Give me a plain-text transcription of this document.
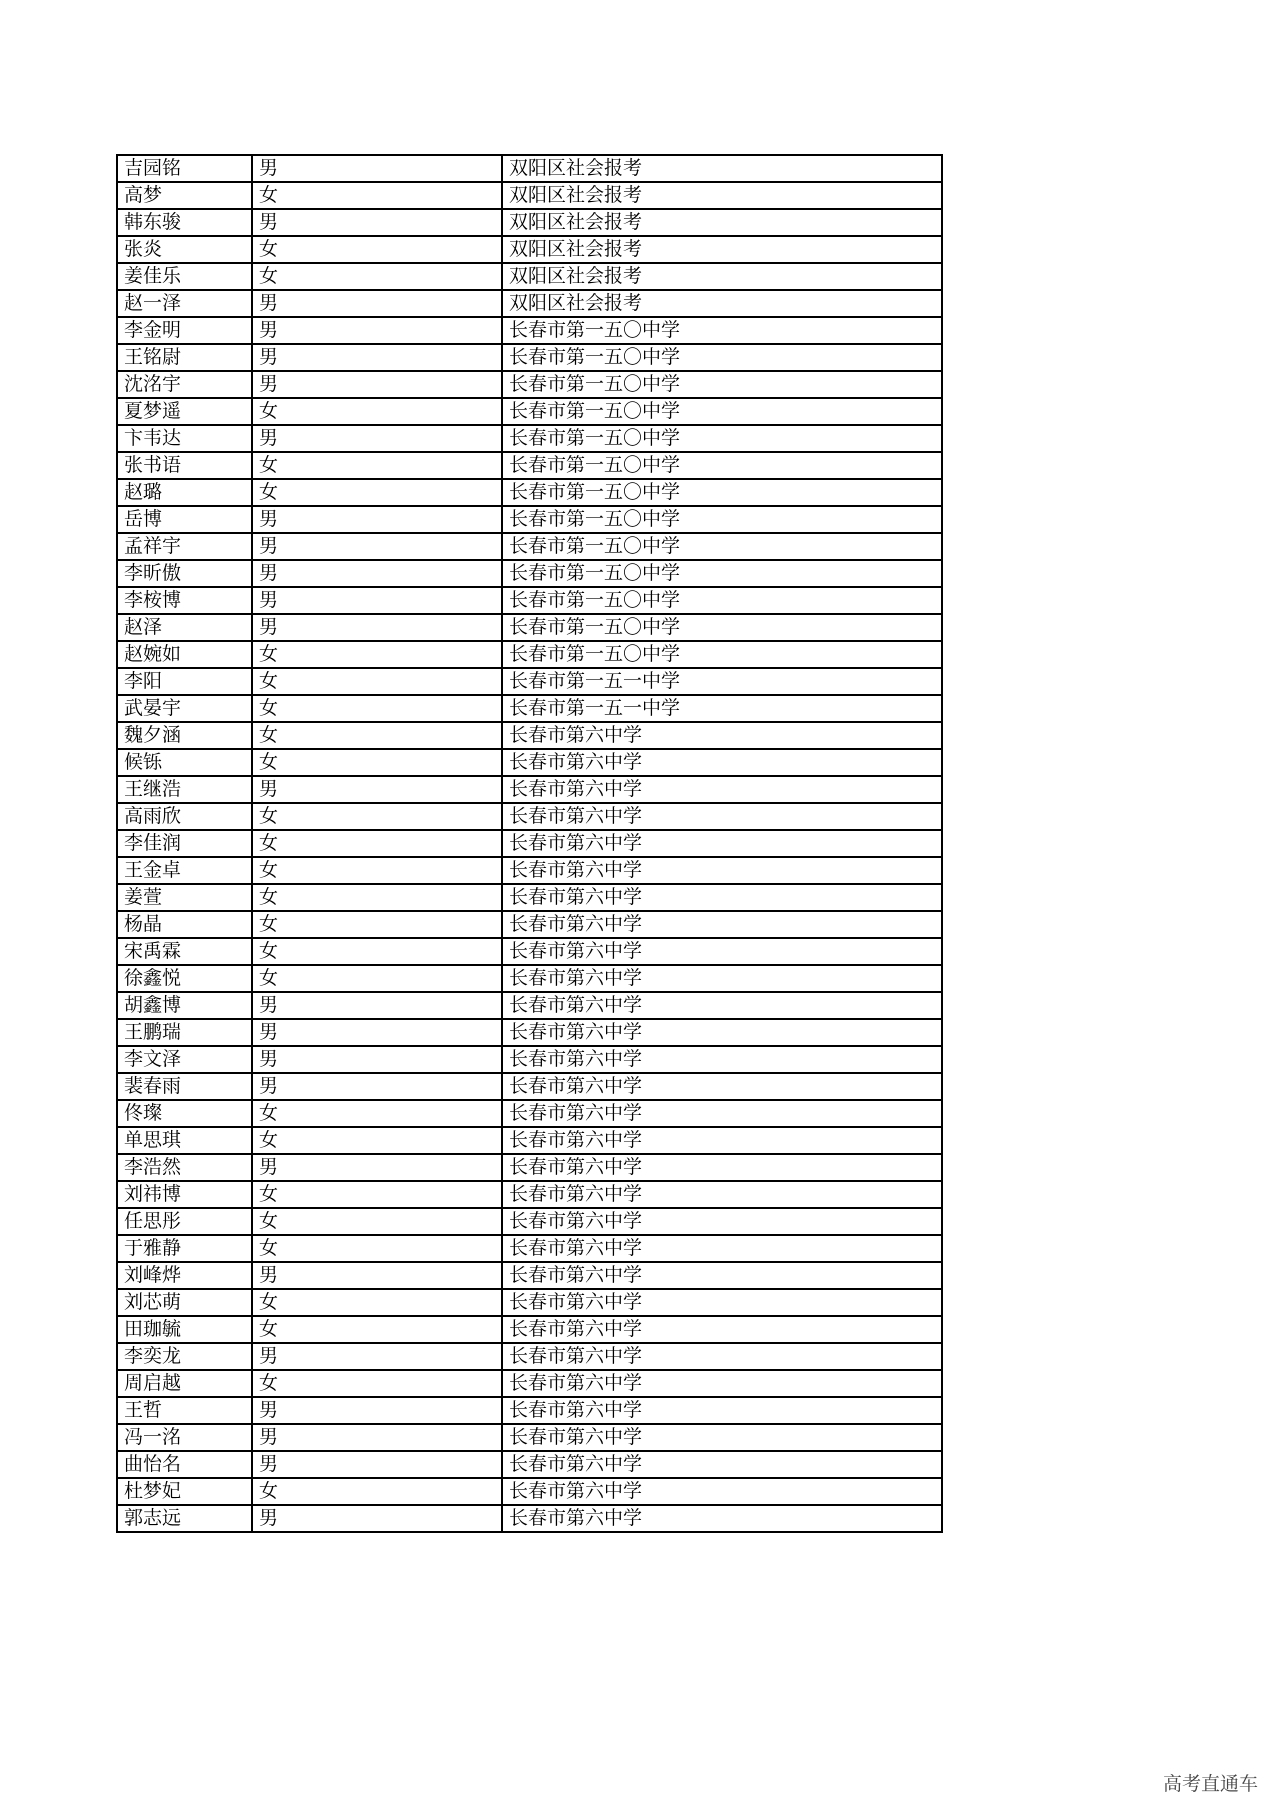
吉园铭	男	双阳区社会报考
高梦	女	双阳区社会报考
韩东骏	男	双阳区社会报考
张炎	女	双阳区社会报考
姜佳乐	女	双阳区社会报考
赵一泽	男	双阳区社会报考
李金明	男	长春市第一五〇中学
王铭尉	男	长春市第一五〇中学
沈洺宇	男	长春市第一五〇中学
夏梦遥	女	长春市第一五〇中学
卞韦达	男	长春市第一五〇中学
张书语	女	长春市第一五〇中学
赵璐	女	长春市第一五〇中学
岳博	男	长春市第一五〇中学
孟祥宇	男	长春市第一五〇中学
李昕傲	男	长春市第一五〇中学
李桉博	男	长春市第一五〇中学
赵泽	男	长春市第一五〇中学
赵婉如	女	长春市第一五〇中学
李阳	女	长春市第一五一中学
武晏宇	女	长春市第一五一中学
魏夕涵	女	长春市第六中学
候铄	女	长春市第六中学
王继浩	男	长春市第六中学
高雨欣	女	长春市第六中学
李佳润	女	长春市第六中学
王金卓	女	长春市第六中学
姜萱	女	长春市第六中学
杨晶	女	长春市第六中学
宋禹霖	女	长春市第六中学
徐鑫悦	女	长春市第六中学
胡鑫博	男	长春市第六中学
王鹏瑞	男	长春市第六中学
李文泽	男	长春市第六中学
裴春雨	男	长春市第六中学
佟璨	女	长春市第六中学
单思琪	女	长春市第六中学
李浩然	男	长春市第六中学
刘祎博	女	长春市第六中学
任思彤	女	长春市第六中学
于雅静	女	长春市第六中学
刘峰烨	男	长春市第六中学
刘芯萌	女	长春市第六中学
田珈毓	女	长春市第六中学
李奕龙	男	长春市第六中学
周启越	女	长春市第六中学
王哲	男	长春市第六中学
冯一洺	男	长春市第六中学
曲怡名	男	长春市第六中学
杜梦妃	女	长春市第六中学
郭志远	男	长春市第六中学
高考直通车
